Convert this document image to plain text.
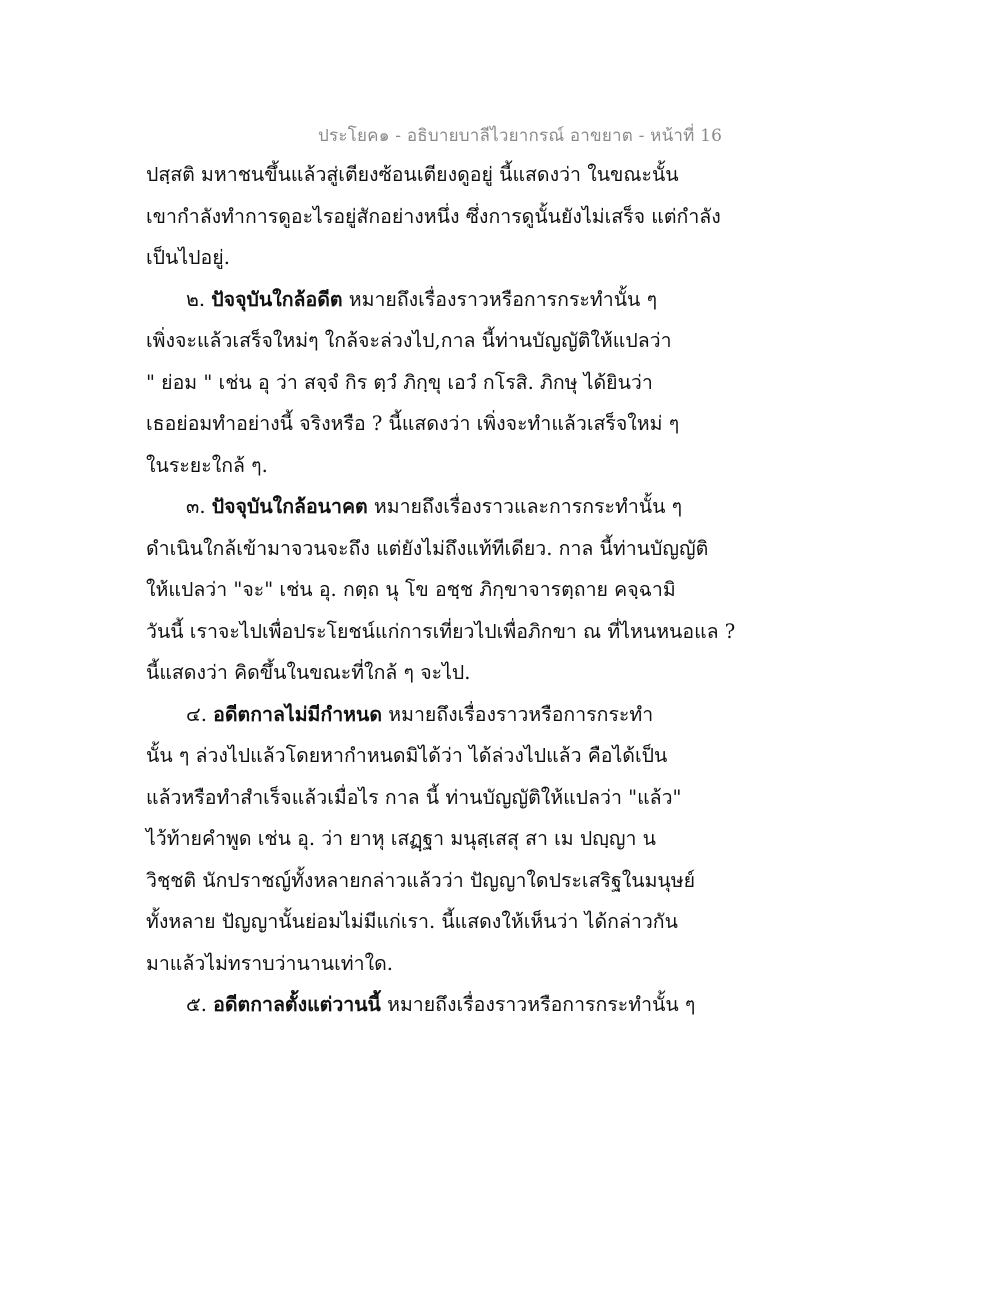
ประโยค๑ - อธิบายบาลีไวยากรณ์ อาขยาต - หน้าที่ 16
ปสฺสติ มหาชนขึ้นแล้วสู่เตียงซ้อนเตียงดูอยู่ นี้แสดงว่า ในขณะนั้น
เขากำลังทำการดูอะไรอยู่สักอย่างหนึ่ง ซึ่งการดูนั้นยังไม่เสร็จ แต่กำลัง
เป็นไปอยู่.
๒. ปัจจุบันใกล้อดีต หมายถึงเรื่องราวหรือการกระทำนั้น ๆ
เพิ่งจะแล้วเสร็จใหม่ๆ ใกล้จะล่วงไป,กาล นี้ท่านบัญญัติให้แปลว่า
" ย่อม " เช่น อุ ว่า สจฺจํ กิร ตฺวํ ภิกฺขุ เอวํ กโรสิ. ภิกษุ ได้ยินว่า
เธอย่อมทำอย่างนี้ จริงหรือ ? นี้แสดงว่า เพิ่งจะทำแล้วเสร็จใหม่ ๆ
ในระยะใกล้ ๆ.
๓. ปัจจุบันใกล้อนาคต หมายถึงเรื่องราวและการกระทำนั้น ๆ
ดำเนินใกล้เข้ามาจวนจะถึง แต่ยังไม่ถึงแท้ทีเดียว. กาล นี้ท่านบัญญัติ
ให้แปลว่า "จะ" เช่น อุ. กตฺถ นุ โข อชฺช ภิกฺขาจารตฺถาย คจฺฉามิ
วันนี้ เราจะไปเพื่อประโยชน์แก่การเที่ยวไปเพื่อภิกขา ณ ที่ไหนหนอแล ?
นี้แสดงว่า คิดขึ้นในขณะที่ใกล้ ๆ จะไป.
๔. อดีตกาลไม่มีกำหนด หมายถึงเรื่องราวหรือการกระทำ
นั้น ๆ ล่วงไปแล้วโดยหากำหนดมิได้ว่า ได้ล่วงไปแล้ว คือได้เป็น
แล้วหรือทำสำเร็จแล้วเมื่อไร กาล นี้ ท่านบัญญัติให้แปลว่า "แล้ว"
ไว้ท้ายคำพูด เช่น อุ. ว่า ยาหุ เสฏฺฐา มนุสฺเสสุ สา เม ปญฺญา น
วิชฺชติ นักปราชญ์ทั้งหลายกล่าวแล้วว่า ปัญญาใดประเสริฐในมนุษย์
ทั้งหลาย ปัญญานั้นย่อมไม่มีแก่เรา. นี้แสดงให้เห็นว่า ได้กล่าวกัน
มาแล้วไม่ทราบว่านานเท่าใด.
๕. อดีตกาลตั้งแต่วานนี้ หมายถึงเรื่องราวหรือการกระทำนั้น ๆ
